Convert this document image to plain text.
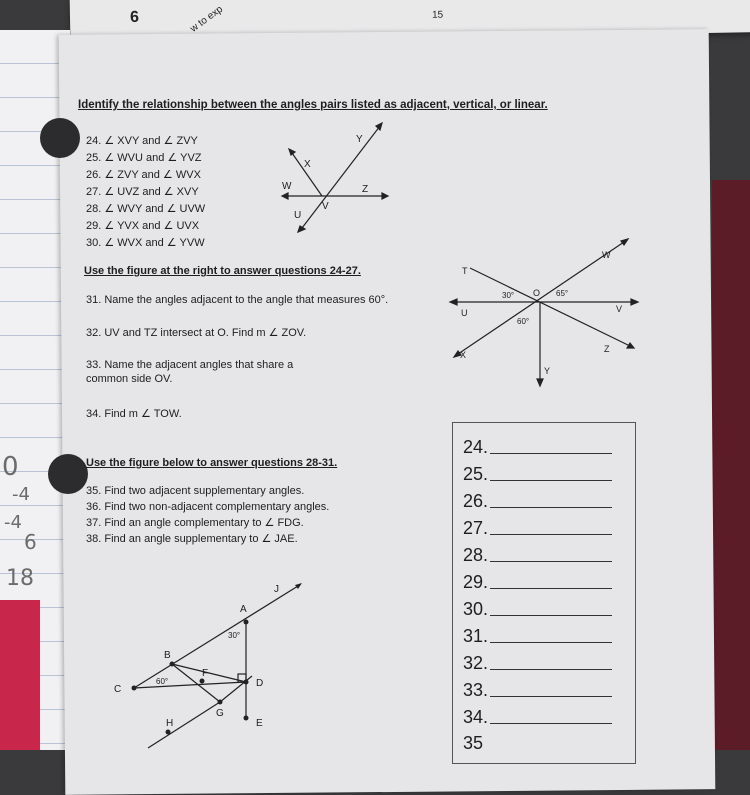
6	w to exp	15
0
-4
-4
6
18
Identify the relationship between the angles pairs listed as adjacent, vertical, or linear.
24. ∠ XVY and ∠ ZVY
25. ∠ WVU and ∠ YVZ
26. ∠ ZVY and ∠ WVX
27. ∠ UVZ and ∠ XVY
28. ∠ WVY and ∠ UVW
29. ∠ YVX and ∠ UVX
30. ∠ WVX and ∠ YVW
X
Y
W	Z
U
V
Use the figure at the right to answer questions 24-27.
31. Name the angles adjacent to the angle that measures 60°.
32. UV and TZ intersect at O. Find m ∠ ZOV.
33. Name the adjacent angles that share a common side OV.
34. Find m ∠ TOW.
T
W
U	V
O
X
Z
Y
30°	65°
60°
Use the figure below to answer questions 28-31.
35. Find two adjacent supplementary angles.
36. Find two non-adjacent complementary angles.
37. Find an angle complementary to ∠ FDG.
38. Find an angle supplementary to ∠ JAE.
J
A
30°
B
C
60°
F
D
G
H	E
24.
25.
26.
27.
28.
29.
30.
31.
32.
33.
34.
35
